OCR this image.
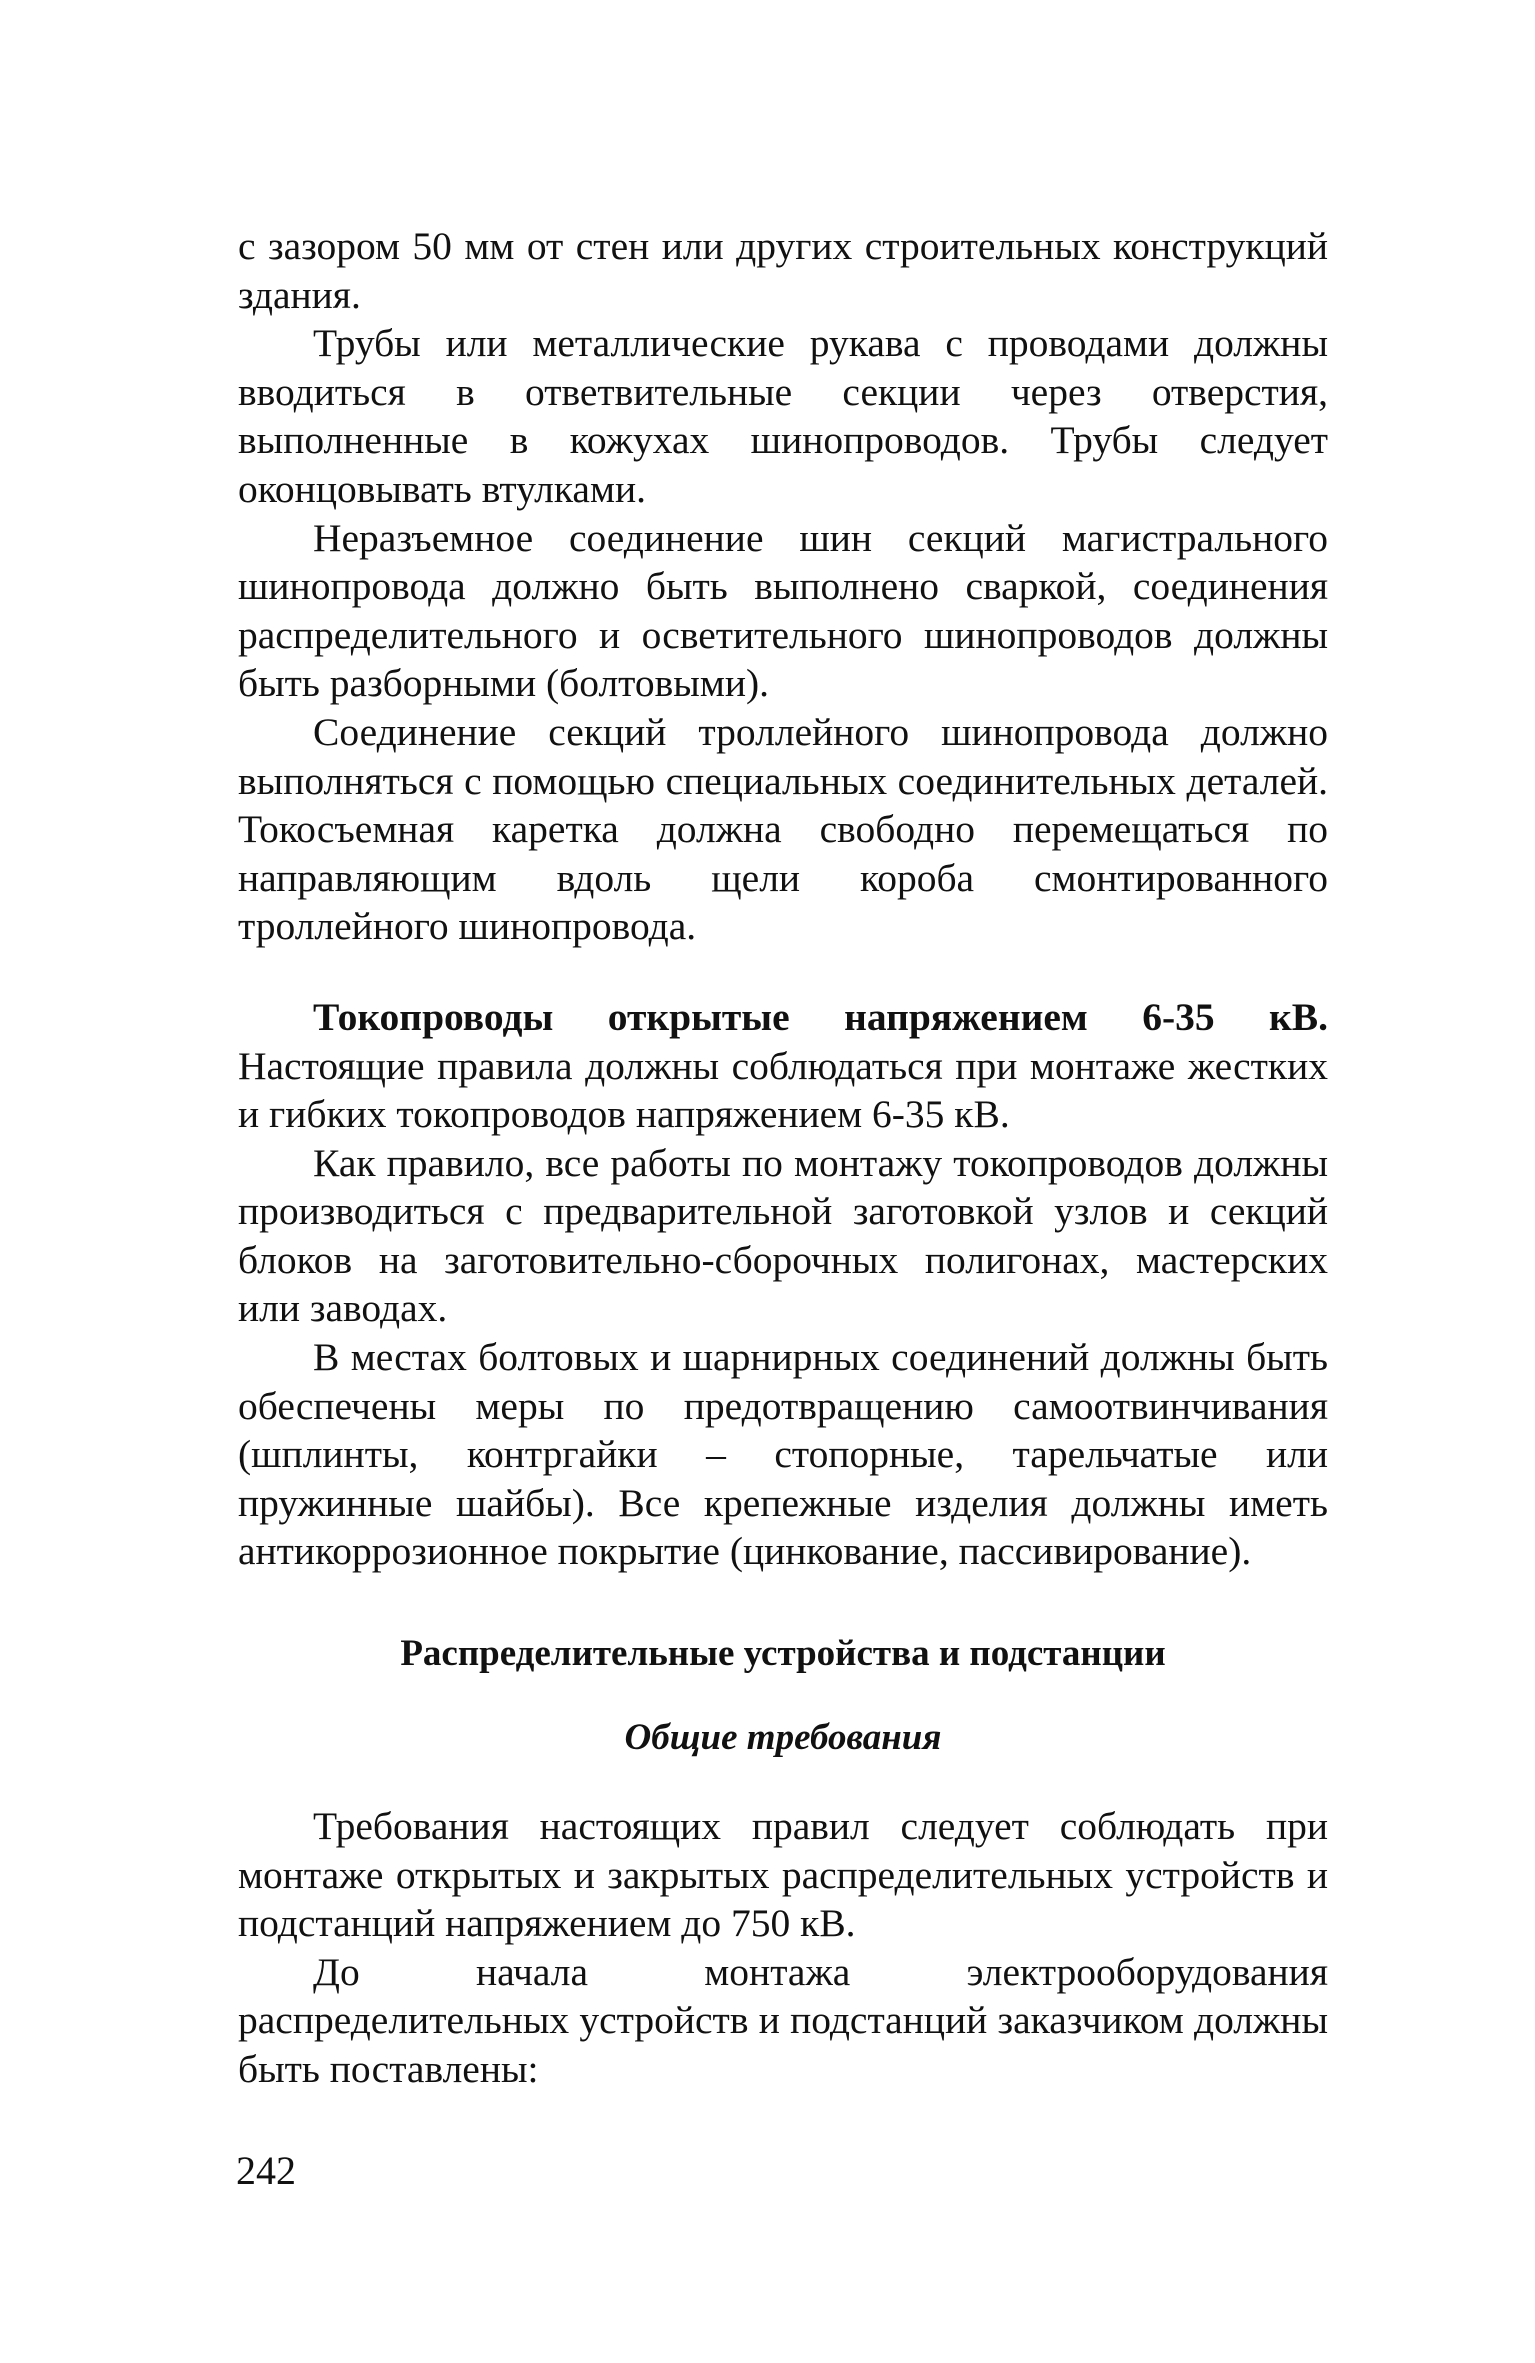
с зазором 50 мм от стен или других строительных конструкций здания.

Трубы или металлические рукава с проводами должны вводиться в ответвительные секции через отверстия, выполненные в кожухах шинопроводов. Трубы следует оконцовывать втулками.

Неразъемное соединение шин секций магистрального шинопровода должно быть выполнено сваркой, соединения распределительного и осветительного шинопроводов должны быть разборными (болтовыми).

Соединение секций троллейного шинопровода должно выполняться с помощью специальных соединительных деталей. Токосъемная каретка должна свободно перемещаться по направляющим вдоль щели короба смонтированного троллейного шинопровода.

Токопроводы открытые напряжением 6-35 кВ. Настоящие правила должны соблюдаться при монтаже жестких и гибких токопроводов напряжением 6-35 кВ.

Как правило, все работы по монтажу токопроводов должны производиться с предварительной заготовкой узлов и секций блоков на заготовительно-сборочных полигонах, мастерских или заводах.

В местах болтовых и шарнирных соединений должны быть обеспечены меры по предотвращению самоотвинчивания (шплинты, контргайки – стопорные, тарельчатые или пружинные шайбы). Все крепежные изделия должны иметь антикоррозионное покрытие (цинкование, пассивирование).

Распределительные устройства и подстанции
Общие требования

Требования настоящих правил следует соблюдать при монтаже открытых и закрытых распределительных устройств и подстанций напряжением до 750 кВ.

До начала монтажа электрооборудования распределительных устройств и подстанций заказчиком должны быть поставлены:

242
